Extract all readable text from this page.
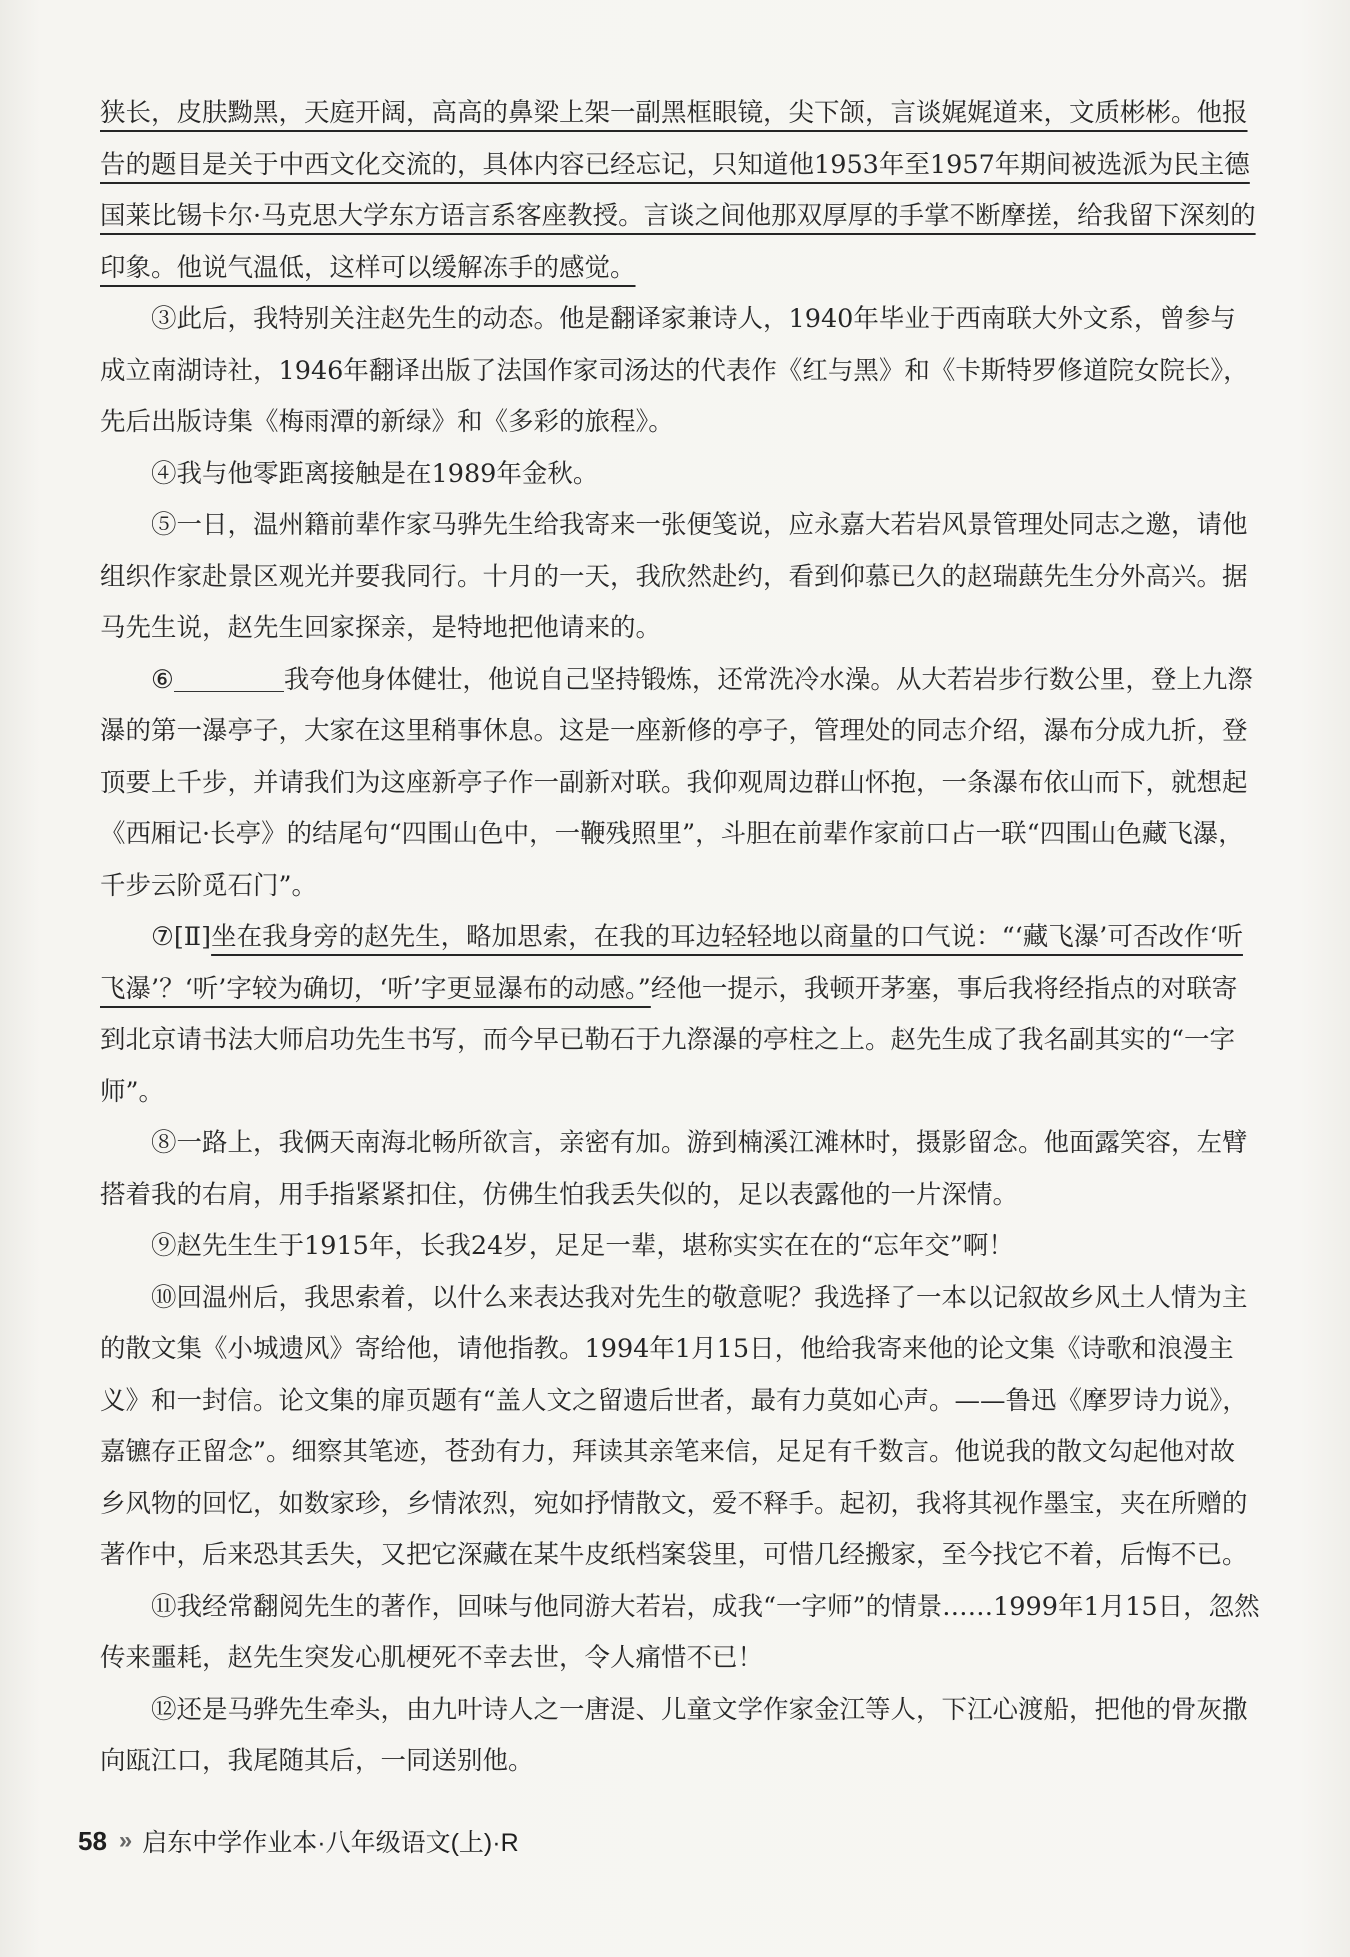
狭长，皮肤黝黑，天庭开阔，高高的鼻梁上架一副黑框眼镜，尖下颌，言谈娓娓道来，文质彬彬。他报告的题目是关于中西文化交流的，具体内容已经忘记，只知道他1953年至1957年期间被选派为民主德国莱比锡卡尔·马克思大学东方语言系客座教授。言谈之间他那双厚厚的手掌不断摩搓，给我留下深刻的印象。他说气温低，这样可以缓解冻手的感觉。

③此后，我特别关注赵先生的动态。他是翻译家兼诗人，1940年毕业于西南联大外文系，曾参与成立南湖诗社，1946年翻译出版了法国作家司汤达的代表作《红与黑》和《卡斯特罗修道院女院长》，先后出版诗集《梅雨潭的新绿》和《多彩的旅程》。

④我与他零距离接触是在1989年金秋。

⑤一日，温州籍前辈作家马骅先生给我寄来一张便笺说，应永嘉大若岩风景管理处同志之邀，请他组织作家赴景区观光并要我同行。十月的一天，我欣然赴约，看到仰慕已久的赵瑞蕻先生分外高兴。据马先生说，赵先生回家探亲，是特地把他请来的。

⑥	我夸他身体健壮，他说自己坚持锻炼，还常洗冷水澡。从大若岩步行数公里，登上九漈瀑的第一瀑亭子，大家在这里稍事休息。这是一座新修的亭子，管理处的同志介绍，瀑布分成九折，登顶要上千步，并请我们为这座新亭子作一副新对联。我仰观周边群山怀抱，一条瀑布依山而下，就想起《西厢记·长亭》的结尾句“四围山色中，一鞭残照里”，斗胆在前辈作家前口占一联“四围山色藏飞瀑，千步云阶觅石门”。

⑦[Ⅱ]坐在我身旁的赵先生，略加思索，在我的耳边轻轻地以商量的口气说：“‘藏飞瀑’可否改作‘听飞瀑’？‘听’字较为确切，‘听’字更显瀑布的动感。”经他一提示，我顿开茅塞，事后我将经指点的对联寄到北京请书法大师启功先生书写，而今早已勒石于九漈瀑的亭柱之上。赵先生成了我名副其实的“一字师”。

⑧一路上，我俩天南海北畅所欲言，亲密有加。游到楠溪江滩林时，摄影留念。他面露笑容，左臂搭着我的右肩，用手指紧紧扣住，仿佛生怕我丢失似的，足以表露他的一片深情。

⑨赵先生生于1915年，长我24岁，足足一辈，堪称实实在在的“忘年交”啊！

⑩回温州后，我思索着，以什么来表达我对先生的敬意呢？我选择了一本以记叙故乡风土人情为主的散文集《小城遗风》寄给他，请他指教。1994年1月15日，他给我寄来他的论文集《诗歌和浪漫主义》和一封信。论文集的扉页题有“盖人文之留遗后世者，最有力莫如心声。——鲁迅《摩罗诗力说》，嘉镳存正留念”。细察其笔迹，苍劲有力，拜读其亲笔来信，足足有千数言。他说我的散文勾起他对故乡风物的回忆，如数家珍，乡情浓烈，宛如抒情散文，爱不释手。起初，我将其视作墨宝，夹在所赠的著作中，后来恐其丢失，又把它深藏在某牛皮纸档案袋里，可惜几经搬家，至今找它不着，后悔不已。

⑪我经常翻阅先生的著作，回味与他同游大若岩，成我“一字师”的情景……1999年1月15日，忽然传来噩耗，赵先生突发心肌梗死不幸去世，令人痛惜不已！

⑫还是马骅先生牵头，由九叶诗人之一唐湜、儿童文学作家金江等人，下江心渡船，把他的骨灰撒向瓯江口，我尾随其后，一同送别他。

58 » 启东中学作业本·八年级语文(上)·R
